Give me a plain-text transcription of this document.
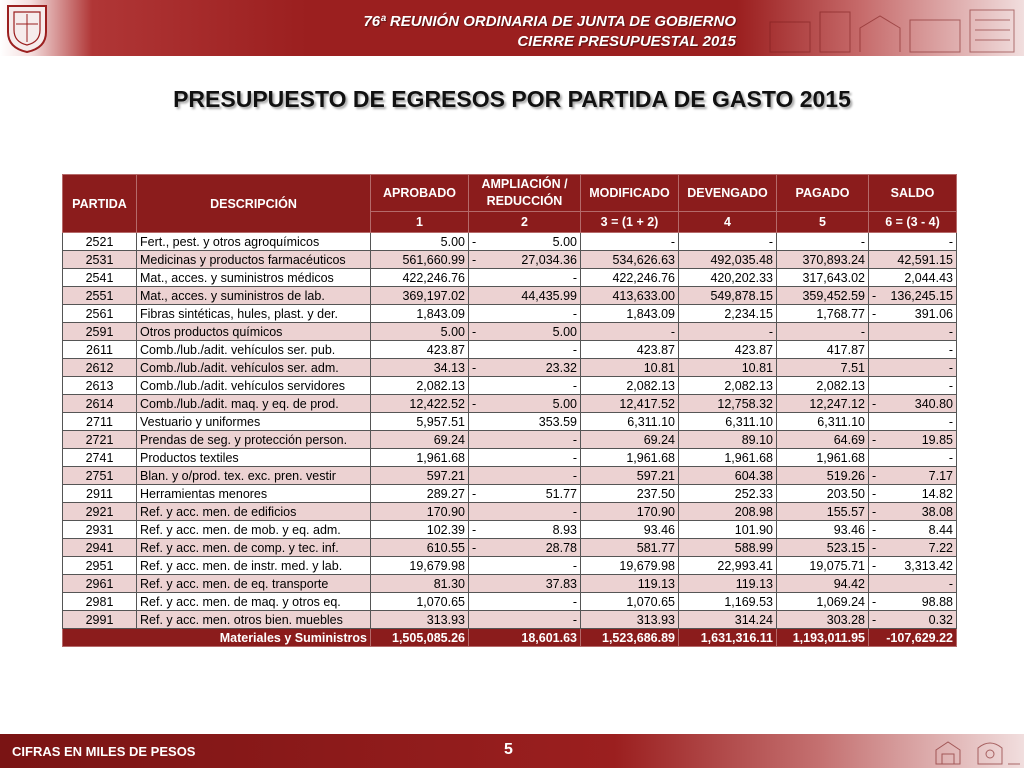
76ª REUNIÓN ORDINARIA DE JUNTA DE GOBIERNO
CIERRE PRESUPUESTAL 2015
PRESUPUESTO DE EGRESOS POR PARTIDA DE GASTO 2015
PARTIDA	DESCRIPCIÓN	APROBADO	AMPLIACIÓN / REDUCCIÓN	MODIFICADO	DEVENGADO	PAGADO	SALDO
		1	2	3 = (1 + 2)	4	5	6 = (3 - 4)
2521	Fert., pest. y otros agroquímicos	5.00	- 5.00	-	-	-	-

2531	Medicinas y productos farmacéuticos	561,660.99	- 27,034.36	534,626.63	492,035.48	370,893.24	42,591.15

2541	Mat., acces. y suministros médicos	422,246.76	-	422,246.76	420,202.33	317,643.02	2,044.43

2551	Mat., acces. y suministros de lab.	369,197.02	44,435.99	413,633.00	549,878.15	359,452.59	- 136,245.15

2561	Fibras sintéticas, hules, plast. y der.	1,843.09	-	1,843.09	2,234.15	1,768.77	- 391.06

2591	Otros productos químicos	5.00	- 5.00	-	-	-	-

2611	Comb./lub./adit. vehículos ser. pub.	423.87	-	423.87	423.87	417.87	-

2612	Comb./lub./adit. vehículos ser. adm.	34.13	- 23.32	10.81	10.81	7.51	-

2613	Comb./lub./adit. vehículos servidores	2,082.13	-	2,082.13	2,082.13	2,082.13	-

2614	Comb./lub./adit. maq. y eq. de prod.	12,422.52	- 5.00	12,417.52	12,758.32	12,247.12	- 340.80

2711	Vestuario y uniformes	5,957.51	353.59	6,311.10	6,311.10	6,311.10	-

2721	Prendas de seg. y protección person.	69.24	-	69.24	89.10	64.69	- 19.85

2741	Productos textiles	1,961.68	-	1,961.68	1,961.68	1,961.68	-

2751	Blan. y o/prod. tex. exc. pren. vestir	597.21	-	597.21	604.38	519.26	- 7.17

2911	Herramientas menores	289.27	- 51.77	237.50	252.33	203.50	- 14.82

2921	Ref. y acc. men. de edificios	170.90	-	170.90	208.98	155.57	- 38.08

2931	Ref. y acc. men. de mob. y eq. adm.	102.39	- 8.93	93.46	101.90	93.46	- 8.44

2941	Ref. y acc. men. de comp. y tec. inf.	610.55	- 28.78	581.77	588.99	523.15	- 7.22

2951	Ref. y acc. men. de instr. med. y lab.	19,679.98	-	19,679.98	22,993.41	19,075.71	- 3,313.42

2961	Ref. y acc. men. de eq. transporte	81.30	37.83	119.13	119.13	94.42	-

2981	Ref. y acc. men. de maq. y otros eq.	1,070.65	-	1,070.65	1,169.53	1,069.24	- 98.88

2991	Ref. y acc. men. otros bien. muebles	313.93	-	313.93	314.24	303.28	- 0.32

Materiales y Suministros		1,505,085.26	18,601.63	1,523,686.89	1,631,316.11	1,193,011.95	-107,629.22
CIFRAS EN MILES DE PESOS	5
